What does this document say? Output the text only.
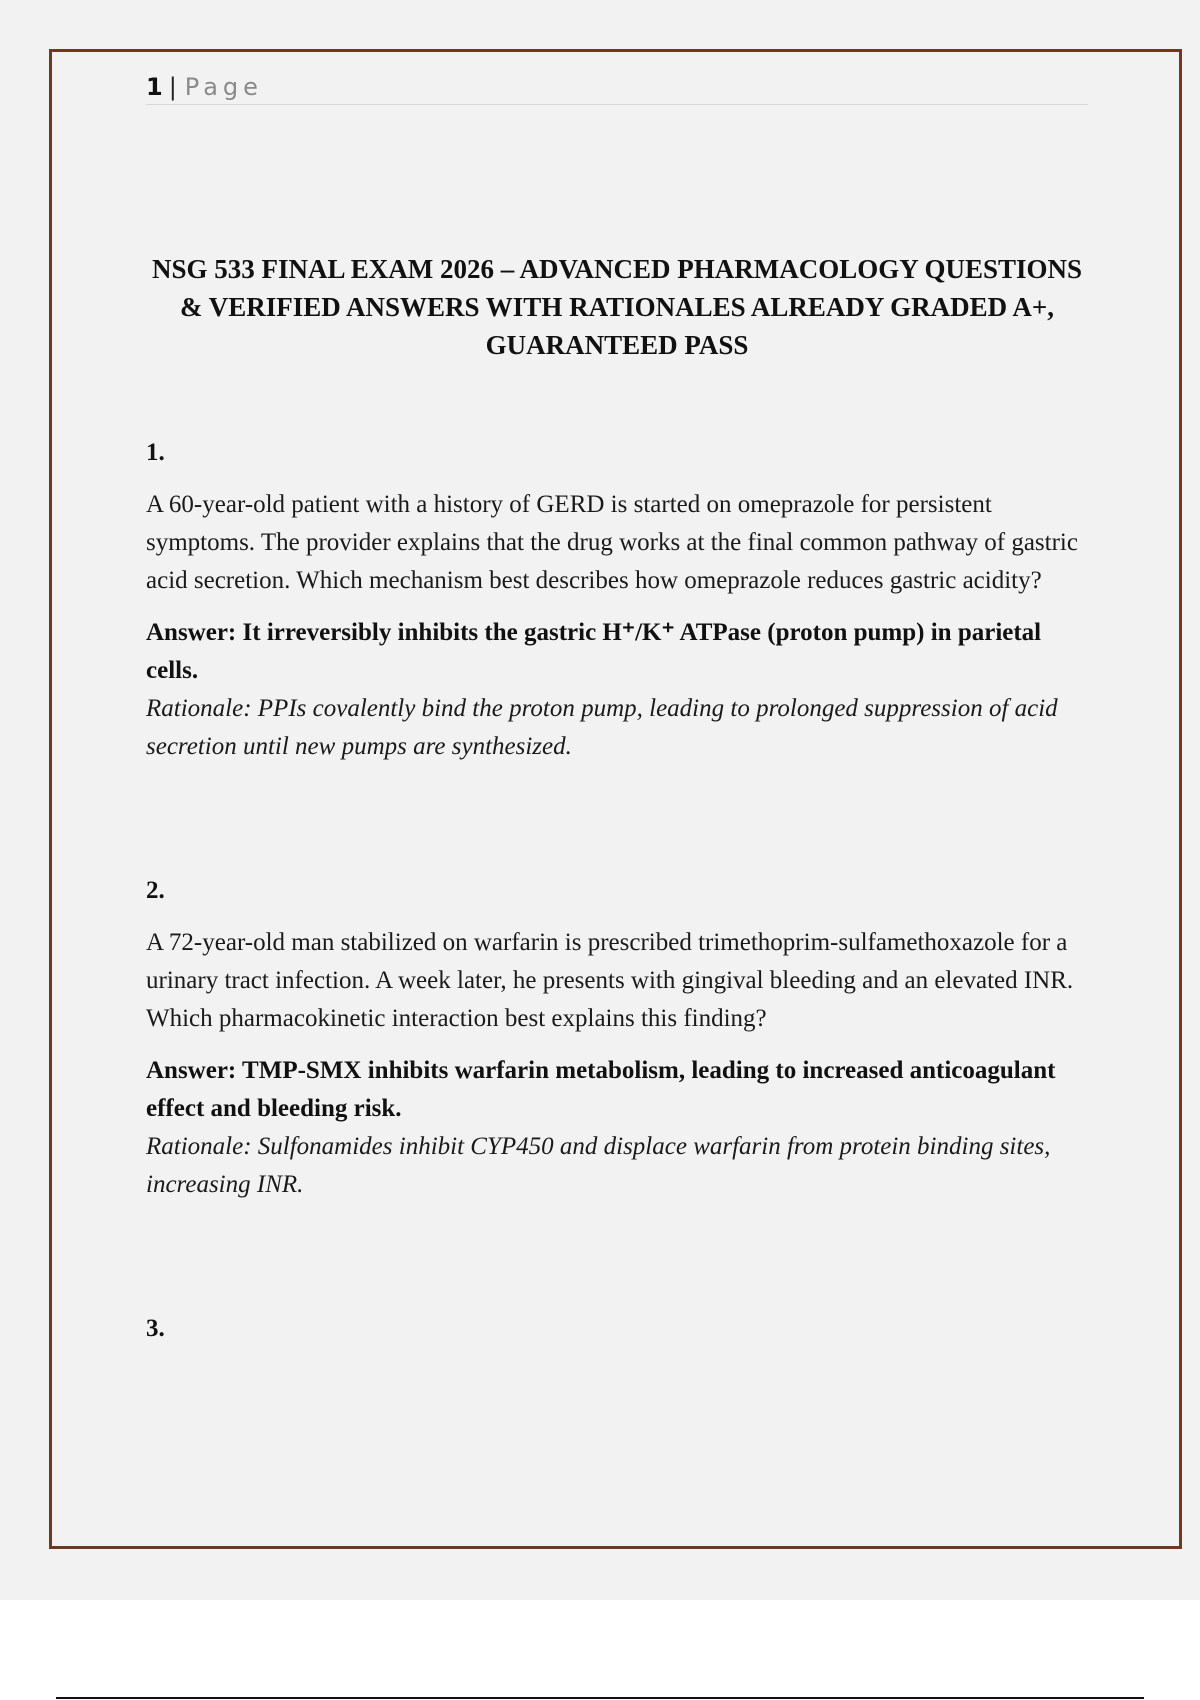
1 | Page
NSG 533 FINAL EXAM 2026 – ADVANCED PHARMACOLOGY QUESTIONS & VERIFIED ANSWERS WITH RATIONALES ALREADY GRADED A+, GUARANTEED PASS
1.
A 60-year-old patient with a history of GERD is started on omeprazole for persistent symptoms. The provider explains that the drug works at the final common pathway of gastric acid secretion. Which mechanism best describes how omeprazole reduces gastric acidity?
Answer: It irreversibly inhibits the gastric H⁺/K⁺ ATPase (proton pump) in parietal cells.
Rationale: PPIs covalently bind the proton pump, leading to prolonged suppression of acid secretion until new pumps are synthesized.
2.
A 72-year-old man stabilized on warfarin is prescribed trimethoprim-sulfamethoxazole for a urinary tract infection. A week later, he presents with gingival bleeding and an elevated INR. Which pharmacokinetic interaction best explains this finding?
Answer: TMP-SMX inhibits warfarin metabolism, leading to increased anticoagulant effect and bleeding risk.
Rationale: Sulfonamides inhibit CYP450 and displace warfarin from protein binding sites, increasing INR.
3.
